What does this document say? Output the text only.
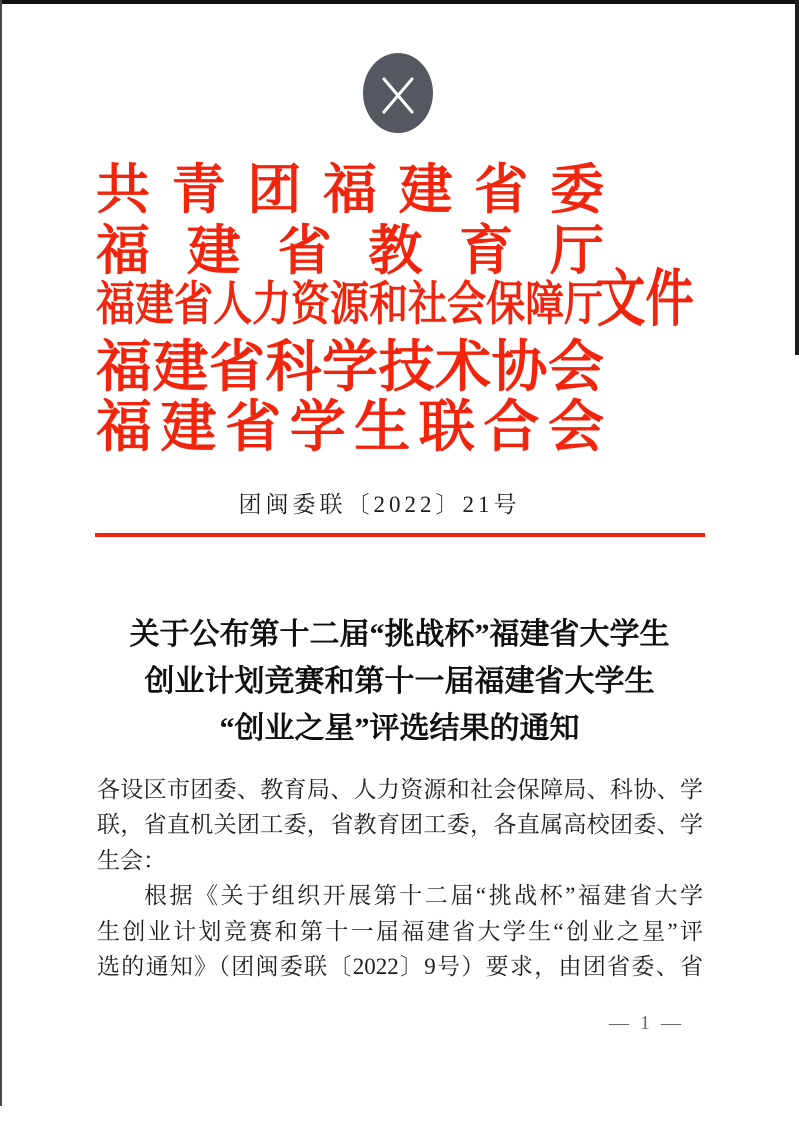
共 青 团 福 建 省 委
福 建 省 教 育 厅
福建省人力资源和社会保障厅
福 建 省 科 学 技 术 协 会
福 建 省 学 生 联 合 会
文件
团闽委联〔2022〕21号
关于公布第十二届“挑战杯”福建省大学生
创业计划竞赛和第十一届福建省大学生
“创业之星”评选结果的通知
各设区市团委、教育局、人力资源和社会保障局、科协、学
联，省直机关团工委，省教育团工委，各直属高校团委、学
生会：
根据《关于组织开展第十二届“挑战杯”福建省大学
生创业计划竞赛和第十一届福建省大学生“创业之星”评
选的通知》（团闽委联〔2022〕9号）要求，由团省委、省
— 1 —
